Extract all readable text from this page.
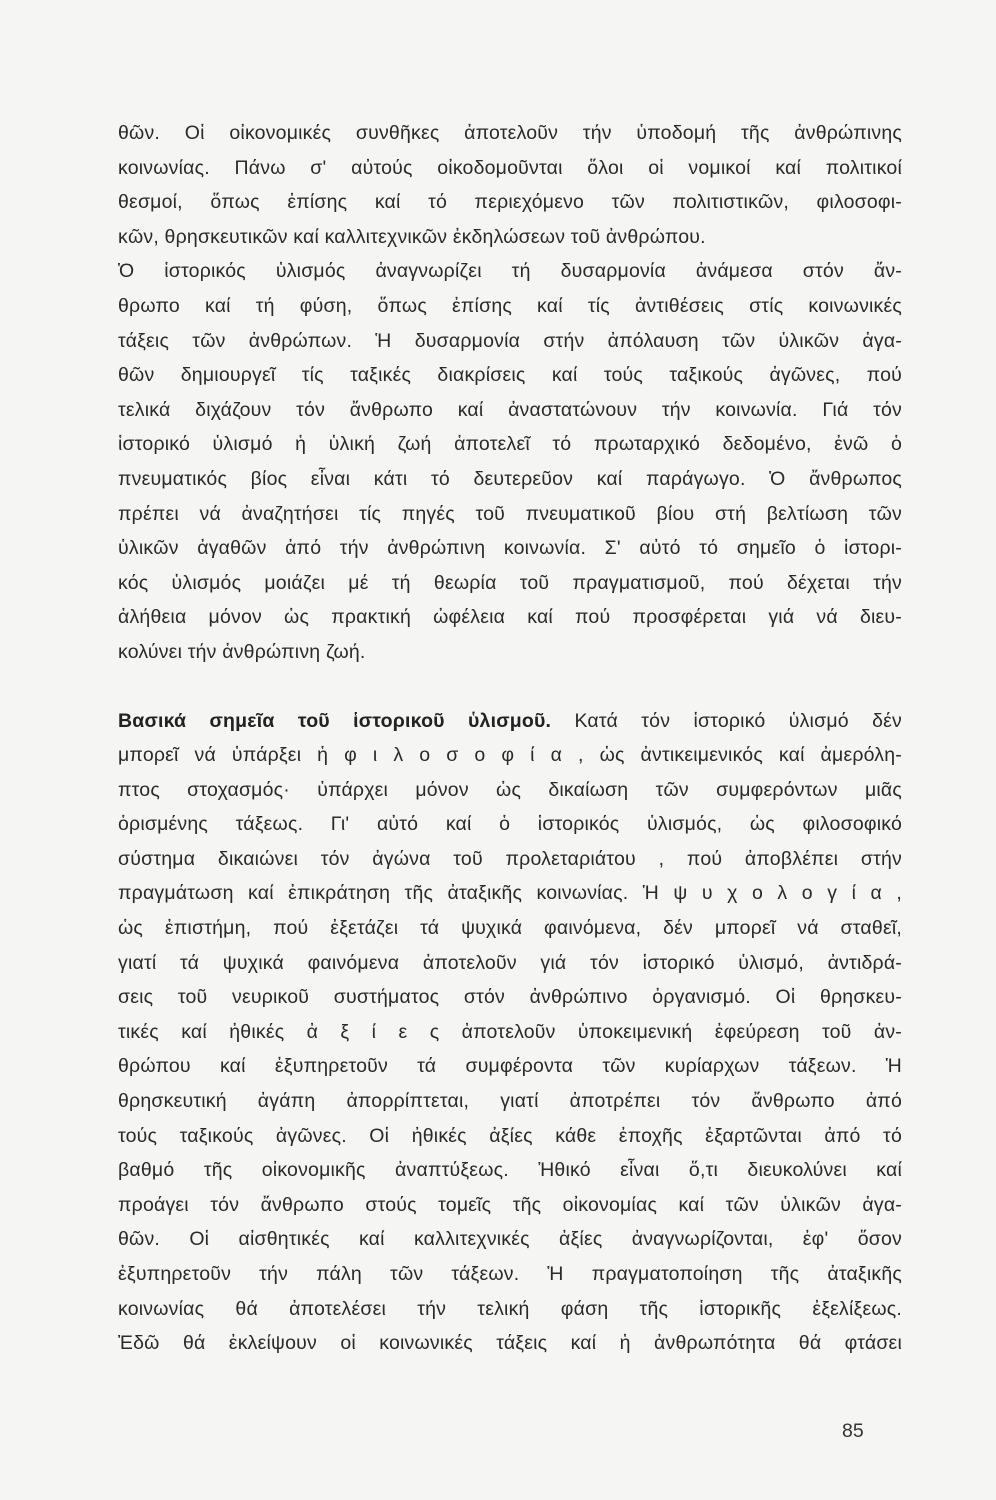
θῶν. Οἱ οἰκονομικές συνθῆκες ἀποτελοῦν τήν ὑποδομή τῆς ἀνθρώπινης
κοινωνίας. Πάνω σ' αὐτούς οἰκοδομοῦνται ὅλοι οἱ νομικοί καί πολιτικοί
θεσμοί, ὅπως ἐπίσης καί τό περιεχόμενο τῶν πολιτιστικῶν, φιλοσοφι-
κῶν, θρησκευτικῶν καί καλλιτεχνικῶν ἐκδηλώσεων τοῦ ἀνθρώπου.
Ὁ ἱστορικός ὑλισμός ἀναγνωρίζει τή δυσαρμονία ἀνάμεσα στόν ἄν-
θρωπο καί τή φύση, ὅπως ἐπίσης καί τίς ἀντιθέσεις στίς κοινωνικές
τάξεις τῶν ἀνθρώπων. Ἡ δυσαρμονία στήν ἀπόλαυση τῶν ὑλικῶν ἀγα-
θῶν δημιουργεῖ τίς ταξικές διακρίσεις καί τούς ταξικούς ἀγῶνες, πού
τελικά διχάζουν τόν ἄνθρωπο καί ἀναστατώνουν τήν κοινωνία. Γιά τόν
ἱστορικό ὑλισμό ἡ ὑλική ζωή ἀποτελεῖ τό πρωταρχικό δεδομένο, ἐνῶ ὁ
πνευματικός βίος εἶναι κάτι τό δευτερεῦον καί παράγωγο. Ὁ ἄνθρωπος
πρέπει νά ἀναζητήσει τίς πηγές τοῦ πνευματικοῦ βίου στή βελτίωση τῶν
ὑλικῶν ἀγαθῶν ἀπό τήν ἀνθρώπινη κοινωνία. Σ' αὐτό τό σημεῖο ὁ ἱστορι-
κός ὑλισμός μοιάζει μέ τή θεωρία τοῦ πραγματισμοῦ, πού δέχεται τήν
ἀλήθεια μόνον ὡς πρακτική ὠφέλεια καί πού προσφέρεται γιά νά διευ-
κολύνει τήν ἀνθρώπινη ζωή.
Βασικά σημεῖα τοῦ ἱστορικοῦ ὑλισμοῦ. Κατά τόν ἱστορικό ὑλισμό δέν
μπορεῖ νά ὑπάρξει ἡ φ ι λ ο σ ο φ ί α , ὡς ἀντικειμενικός καί ἀμερόλη-
πτος στοχασμός· ὑπάρχει μόνον ὡς δικαίωση τῶν συμφερόντων μιᾶς
ὁρισμένης τάξεως. Γι' αὐτό καί ὁ ἱστορικός ὑλισμός, ὡς φιλοσοφικό
σύστημα δικαιώνει τόν ἀγώνα τοῦ προλεταριάτου , πού ἀποβλέπει στήν
πραγμάτωση καί ἐπικράτηση τῆς ἀταξικῆς κοινωνίας. Ἡ ψ υ χ ο λ ο γ ί α ,
ὡς ἐπιστήμη, πού ἐξετάζει τά ψυχικά φαινόμενα, δέν μπορεῖ νά σταθεῖ,
γιατί τά ψυχικά φαινόμενα ἀποτελοῦν γιά τόν ἱστορικό ὑλισμό, ἀντιδρά-
σεις τοῦ νευρικοῦ συστήματος στόν ἀνθρώπινο ὀργανισμό. Οἱ θρησκευ-
τικές καί ἠθικές ἀ ξ ί ε ς ἀποτελοῦν ὑποκειμενική ἐφεύρεση τοῦ ἀν-
θρώπου καί ἐξυπηρετοῦν τά συμφέροντα τῶν κυρίαρχων τάξεων. Ἡ
θρησκευτική ἀγάπη ἀπορρίπτεται, γιατί ἀποτρέπει τόν ἄνθρωπο ἀπό
τούς ταξικούς ἀγῶνες. Οἱ ἠθικές ἀξίες κάθε ἐποχῆς ἐξαρτῶνται ἀπό τό
βαθμό τῆς οἰκονομικῆς ἀναπτύξεως. Ἠθικό εἶναι ὅ,τι διευκολύνει καί
προάγει τόν ἄνθρωπο στούς τομεῖς τῆς οἰκονομίας καί τῶν ὑλικῶν ἀγα-
θῶν. Οἱ αἰσθητικές καί καλλιτεχνικές ἀξίες ἀναγνωρίζονται, ἐφ' ὅσον
ἐξυπηρετοῦν τήν πάλη τῶν τάξεων. Ἡ πραγματοποίηση τῆς ἀταξικῆς
κοινωνίας θά ἀποτελέσει τήν τελική φάση τῆς ἱστορικῆς ἐξελίξεως.
Ἐδῶ θά ἐκλείψουν οἱ κοινωνικές τάξεις καί ἡ ἀνθρωπότητα θά φτάσει
85
